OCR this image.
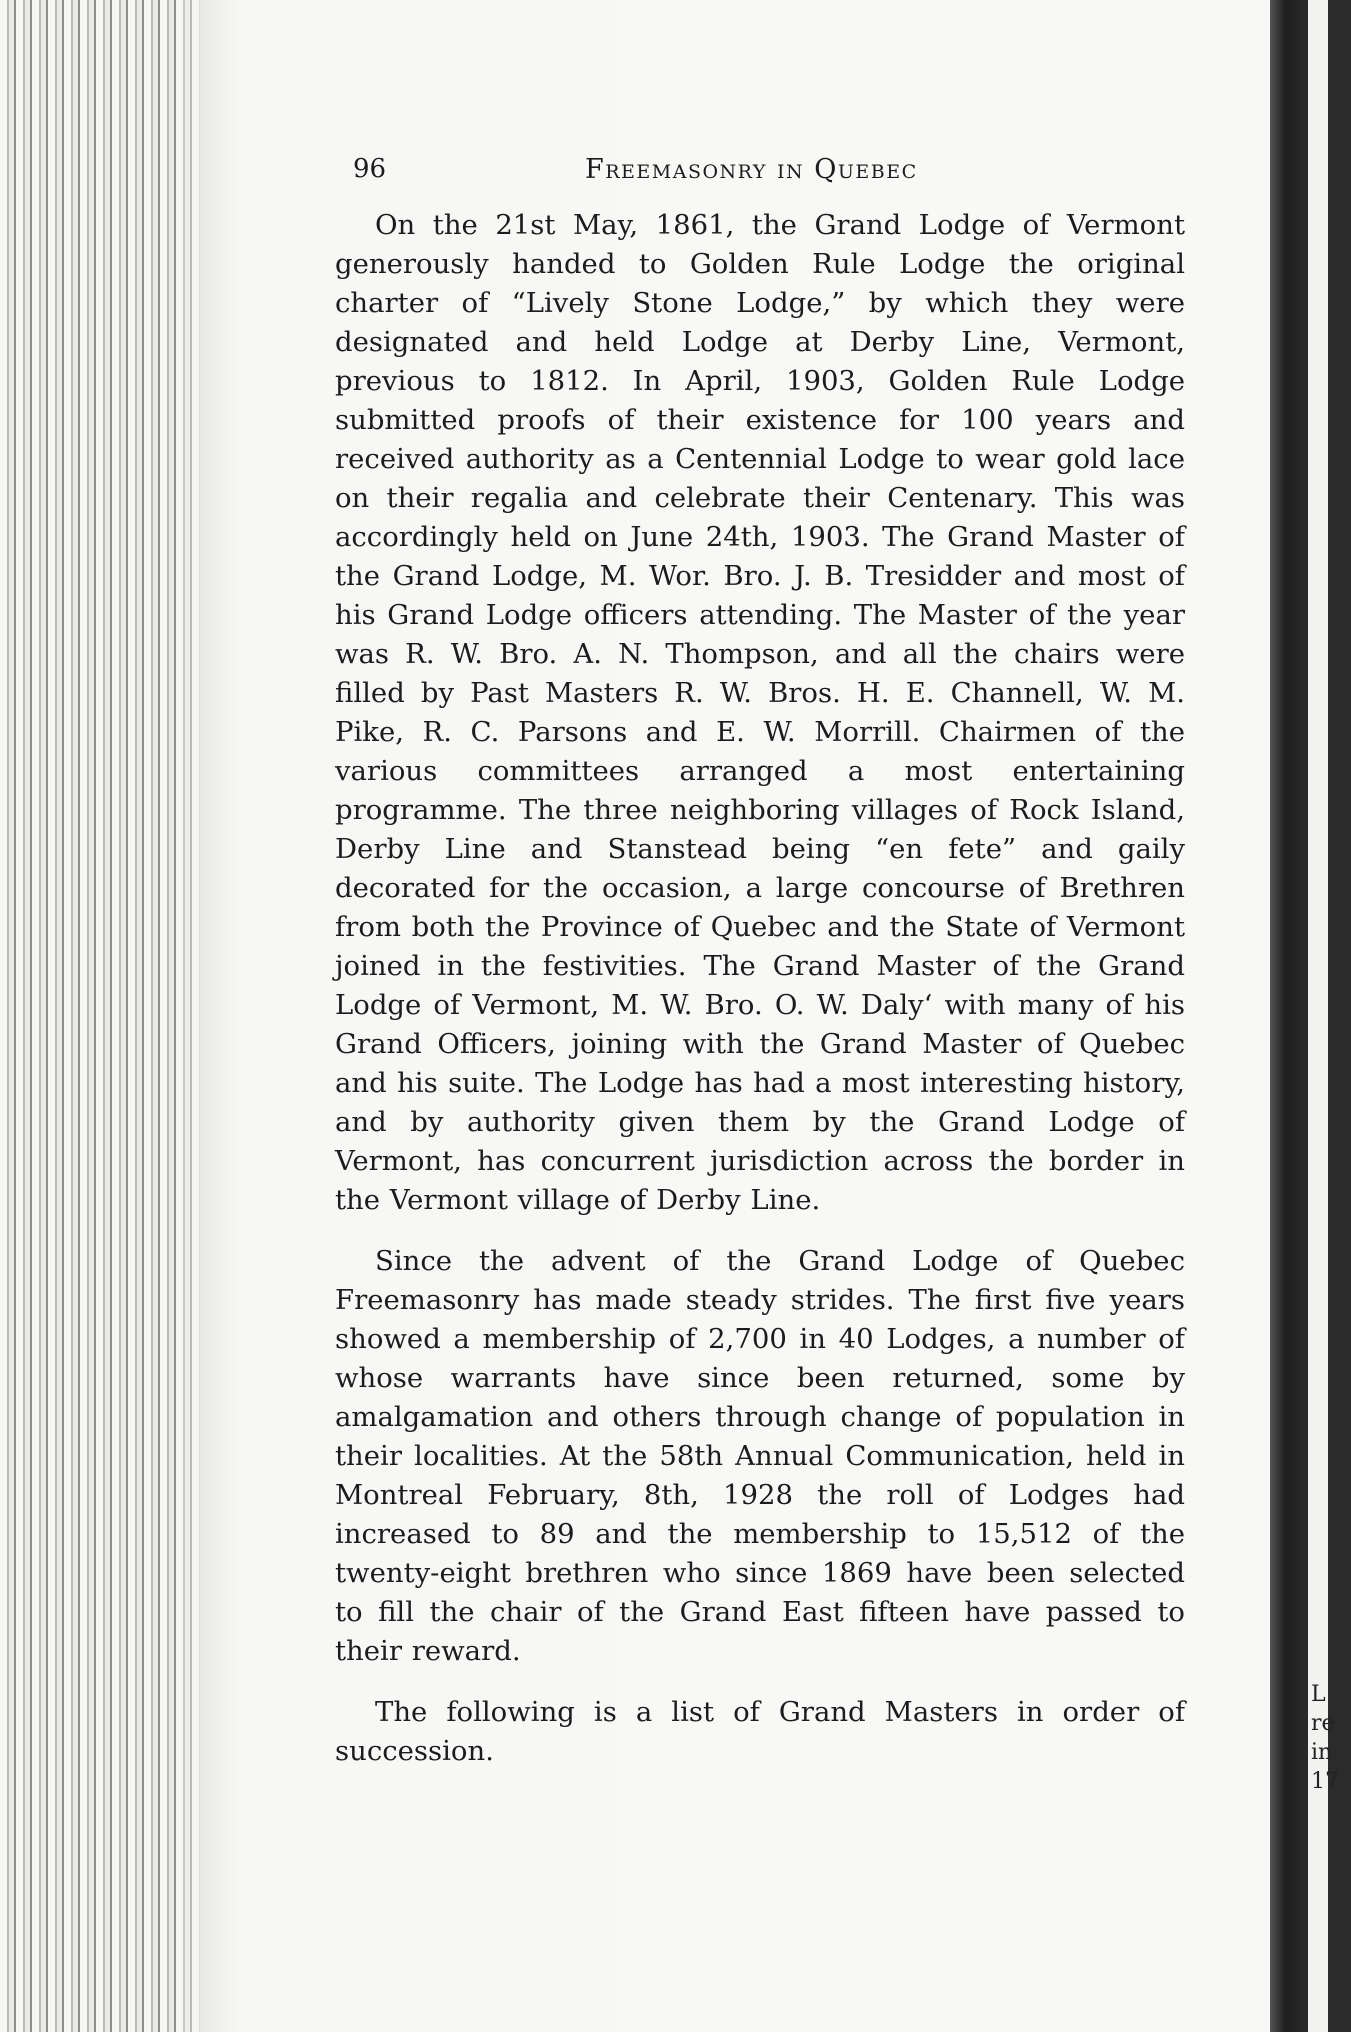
L
re
in
17
96	Freemasonry in Quebec

On the 21st May, 1861, the Grand Lodge of Vermont generously handed to Golden Rule Lodge the original charter of “Lively Stone Lodge,” by which they were designated and held Lodge at Derby Line, Vermont, previous to 1812. In April, 1903, Golden Rule Lodge submitted proofs of their existence for 100 years and received authority as a Centennial Lodge to wear gold lace on their regalia and celebrate their Centenary. This was accordingly held on June 24th, 1903. The Grand Master of the Grand Lodge, M. Wor. Bro. J. B. Tresidder and most of his Grand Lodge officers attending. The Master of the year was R. W. Bro. A. N. Thompson, and all the chairs were filled by Past Masters R. W. Bros. H. E. Channell, W. M. Pike, R. C. Parsons and E. W. Morrill. Chairmen of the various committees arranged a most entertaining programme. The three neighboring villages of Rock Island, Derby Line and Stanstead being “en fete” and gaily decorated for the occasion, a large concourse of Brethren from both the Province of Quebec and the State of Vermont joined in the festivities. The Grand Master of the Grand Lodge of Vermont, M. W. Bro. O. W. Daly‘ with many of his Grand Officers, joining with the Grand Master of Quebec and his suite. The Lodge has had a most interesting history, and by authority given them by the Grand Lodge of Vermont, has concurrent jurisdiction across the border in the Vermont village of Derby Line.

Since the advent of the Grand Lodge of Quebec Freemasonry has made steady strides. The first five years showed a membership of 2,700 in 40 Lodges, a number of whose warrants have since been returned, some by amalgamation and others through change of population in their localities. At the 58th Annual Communication, held in Montreal February, 8th, 1928 the roll of Lodges had increased to 89 and the membership to 15,512 of the twenty-eight brethren who since 1869 have been selected to fill the chair of the Grand East fifteen have passed to their reward.

The following is a list of Grand Masters in order of succession.
